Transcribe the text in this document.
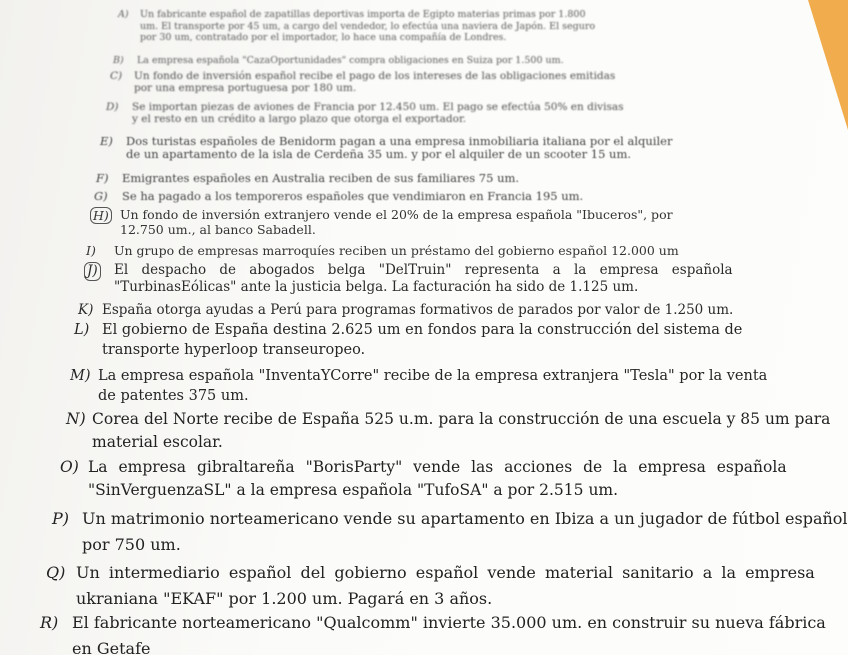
A) Un fabricante español de zapatillas deportivas importa de Egipto materias primas por 1.800
um. El transporte por 45 um, a cargo del vendedor, lo efectúa una naviera de Japón. El seguro
por 30 um, contratado por el importador, lo hace una compañía de Londres.
B) La empresa española "CazaOportunidades" compra obligaciones en Suiza por 1.500 um.
C) Un fondo de inversión español recibe el pago de los intereses de las obligaciones emitidas
por una empresa portuguesa por 180 um.
D) Se importan piezas de aviones de Francia por 12.450 um. El pago se efectúa 50% en divisas
y el resto en un crédito a largo plazo que otorga el exportador.
E) Dos turistas españoles de Benidorm pagan a una empresa inmobiliaria italiana por el alquiler
de un apartamento de la isla de Cerdeña 35 um. y por el alquiler de un scooter 15 um.
F) Emigrantes españoles en Australia reciben de sus familiares 75 um.
G) Se ha pagado a los temporeros españoles que vendimiaron en Francia 195 um.
H) Un fondo de inversión extranjero vende el 20% de la empresa española "Ibuceros", por
12.750 um., al banco Sabadell.
I) Un grupo de empresas marroquíes reciben un préstamo del gobierno español 12.000 um
J) El despacho de abogados belga "DelTruin" representa a la empresa española
"TurbinasEólicas" ante la justicia belga. La facturación ha sido de 1.125 um.
K) España otorga ayudas a Perú para programas formativos de parados por valor de 1.250 um.
L) El gobierno de España destina 2.625 um en fondos para la construcción del sistema de
transporte hyperloop transeuropeo.
M) La empresa española "InventaYCorre" recibe de la empresa extranjera "Tesla" por la venta
de patentes 375 um.
N) Corea del Norte recibe de España 525 u.m. para la construcción de una escuela y 85 um para
material escolar.
O) La empresa gibraltareña "BorisParty" vende las acciones de la empresa española
"SinVerguenzaSL" a la empresa española "TufoSA" a por 2.515 um.
P) Un matrimonio norteamericano vende su apartamento en Ibiza a un jugador de fútbol español
por 750 um.
Q) Un intermediario español del gobierno español vende material sanitario a la empresa
ukraniana "EKAF" por 1.200 um. Pagará en 3 años.
R) El fabricante norteamericano "Qualcomm" invierte 35.000 um. en construir su nueva fábrica
en Getafe
